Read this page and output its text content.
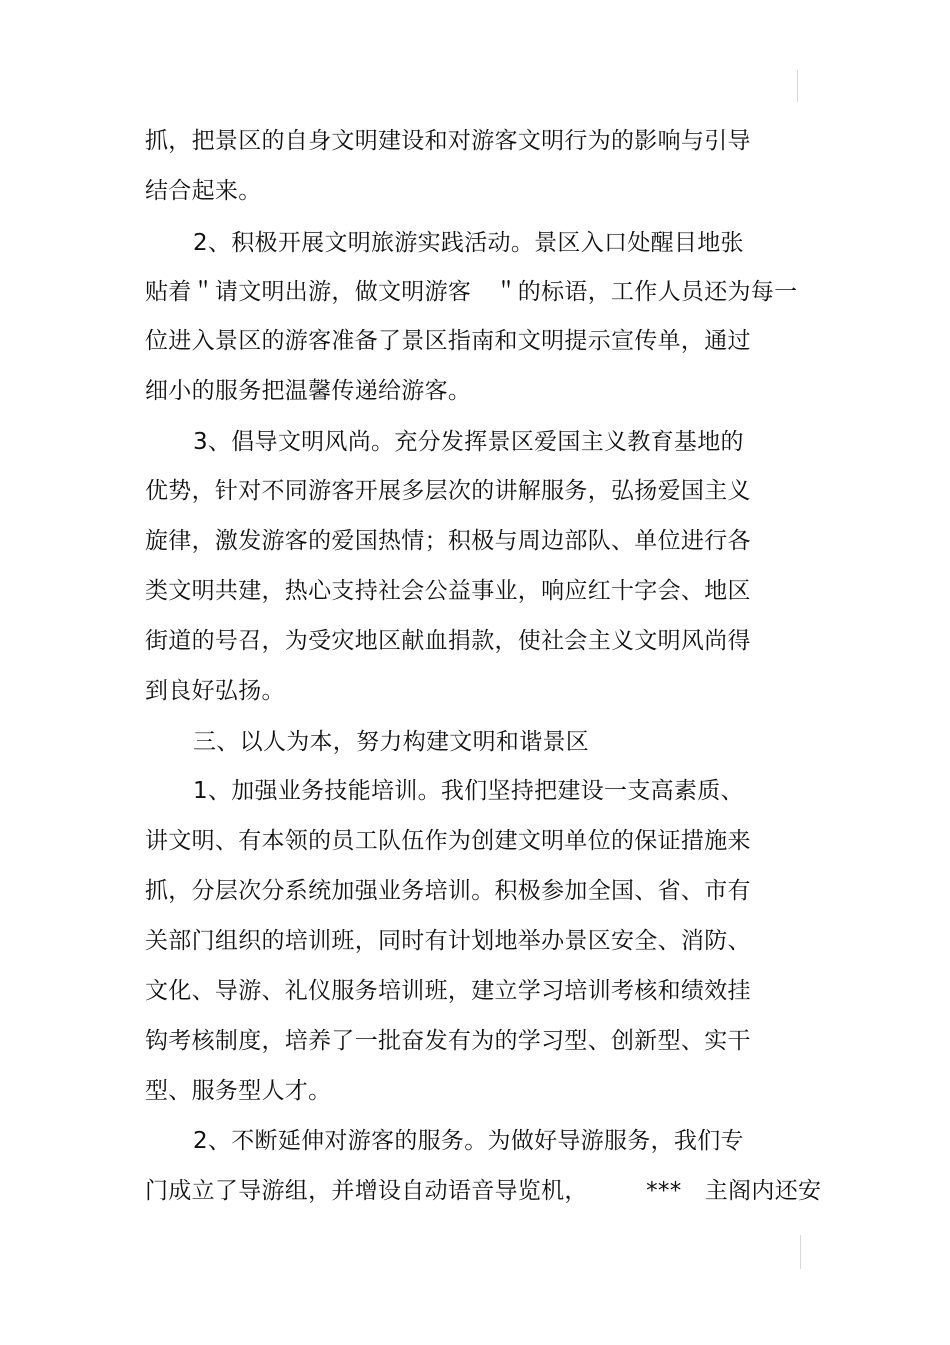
抓，把景区的自身文明建设和对游客文明行为的影响与引导
结合起来。
2、积极开展文明旅游实践活动。景区入口处醒目地张
贴着＂请文明出游，做文明游客　＂的标语，工作人员还为每一
位进入景区的游客准备了景区指南和文明提示宣传单，通过
细小的服务把温馨传递给游客。
3、倡导文明风尚。充分发挥景区爱国主义教育基地的
优势，针对不同游客开展多层次的讲解服务，弘扬爱国主义
旋律，激发游客的爱国热情；积极与周边部队、单位进行各
类文明共建，热心支持社会公益事业，响应红十字会、地区
街道的号召，为受灾地区献血捐款，使社会主义文明风尚得
到良好弘扬。
三、以人为本，努力构建文明和谐景区
1、加强业务技能培训。我们坚持把建设一支高素质、
讲文明、有本领的员工队伍作为创建文明单位的保证措施来
抓，分层次分系统加强业务培训。积极参加全国、省、市有
关部门组织的培训班，同时有计划地举办景区安全、消防、
文化、导游、礼仪服务培训班，建立学习培训考核和绩效挂
钩考核制度，培养了一批奋发有为的学习型、创新型、实干
型、服务型人才。
2、不断延伸对游客的服务。为做好导游服务，我们专
门成立了导游组，并增设自动语音导览机，　　　***　主阁内还安
